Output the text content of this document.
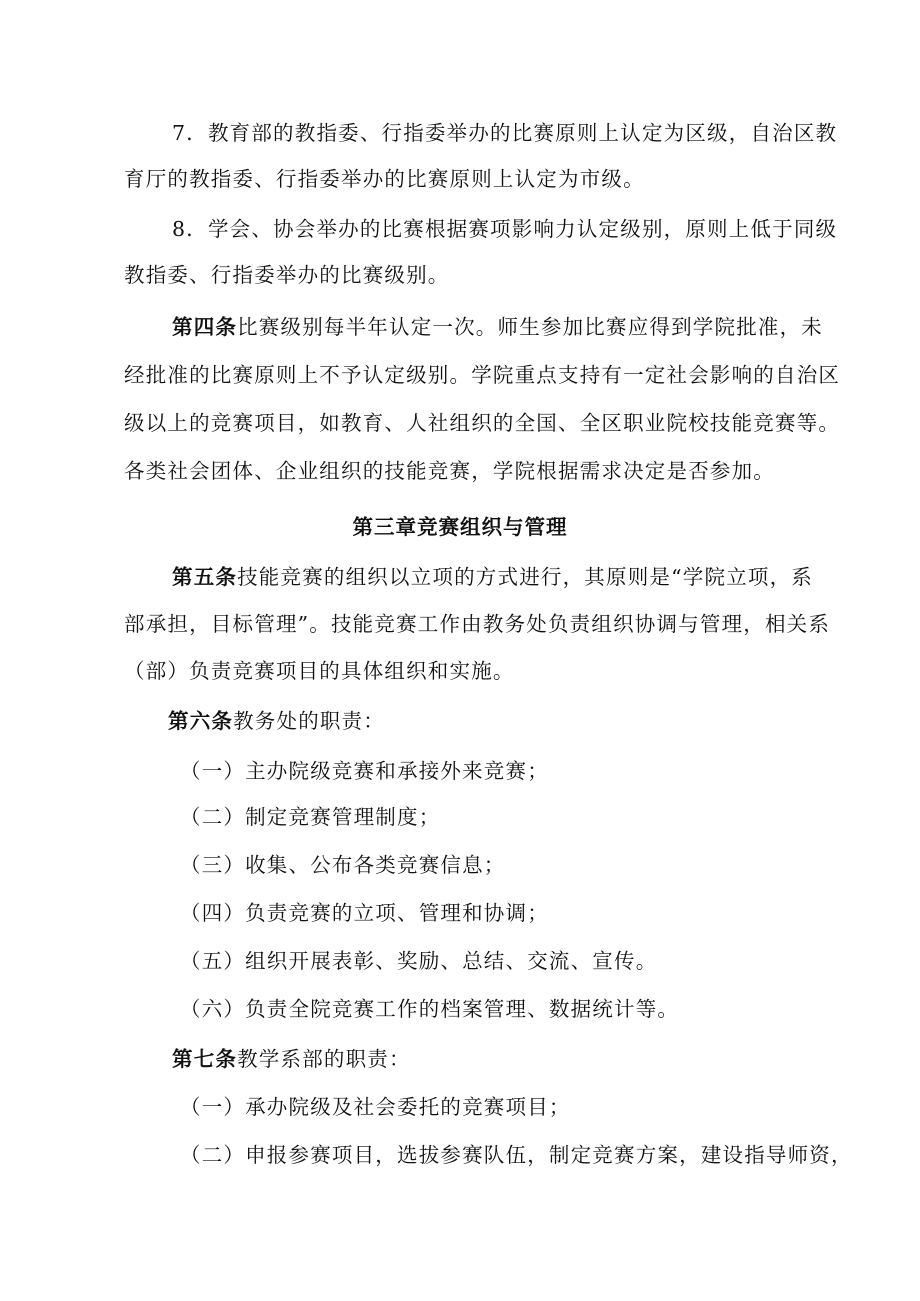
7．教育部的教指委、行指委举办的比赛原则上认定为区级，自治区教
育厅的教指委、行指委举办的比赛原则上认定为市级。
8．学会、协会举办的比赛根据赛项影响力认定级别，原则上低于同级
教指委、行指委举办的比赛级别。
第四条比赛级别每半年认定一次。师生参加比赛应得到学院批准，未
经批准的比赛原则上不予认定级别。学院重点支持有一定社会影响的自治区
级以上的竞赛项目，如教育、人社组织的全国、全区职业院校技能竞赛等。
各类社会团体、企业组织的技能竞赛，学院根据需求决定是否参加。
第三章竞赛组织与管理
第五条技能竞赛的组织以立项的方式进行，其原则是“学院立项，系
部承担，目标管理”。技能竞赛工作由教务处负责组织协调与管理，相关系
（部）负责竞赛项目的具体组织和实施。
第六条教务处的职责：
（一）主办院级竞赛和承接外来竞赛；
（二）制定竞赛管理制度；
（三）收集、公布各类竞赛信息；
（四）负责竞赛的立项、管理和协调；
（五）组织开展表彰、奖励、总结、交流、宣传。
（六）负责全院竞赛工作的档案管理、数据统计等。
第七条教学系部的职责：
（一）承办院级及社会委托的竞赛项目；
（二）申报参赛项目，选拔参赛队伍，制定竞赛方案，建设指导师资，
